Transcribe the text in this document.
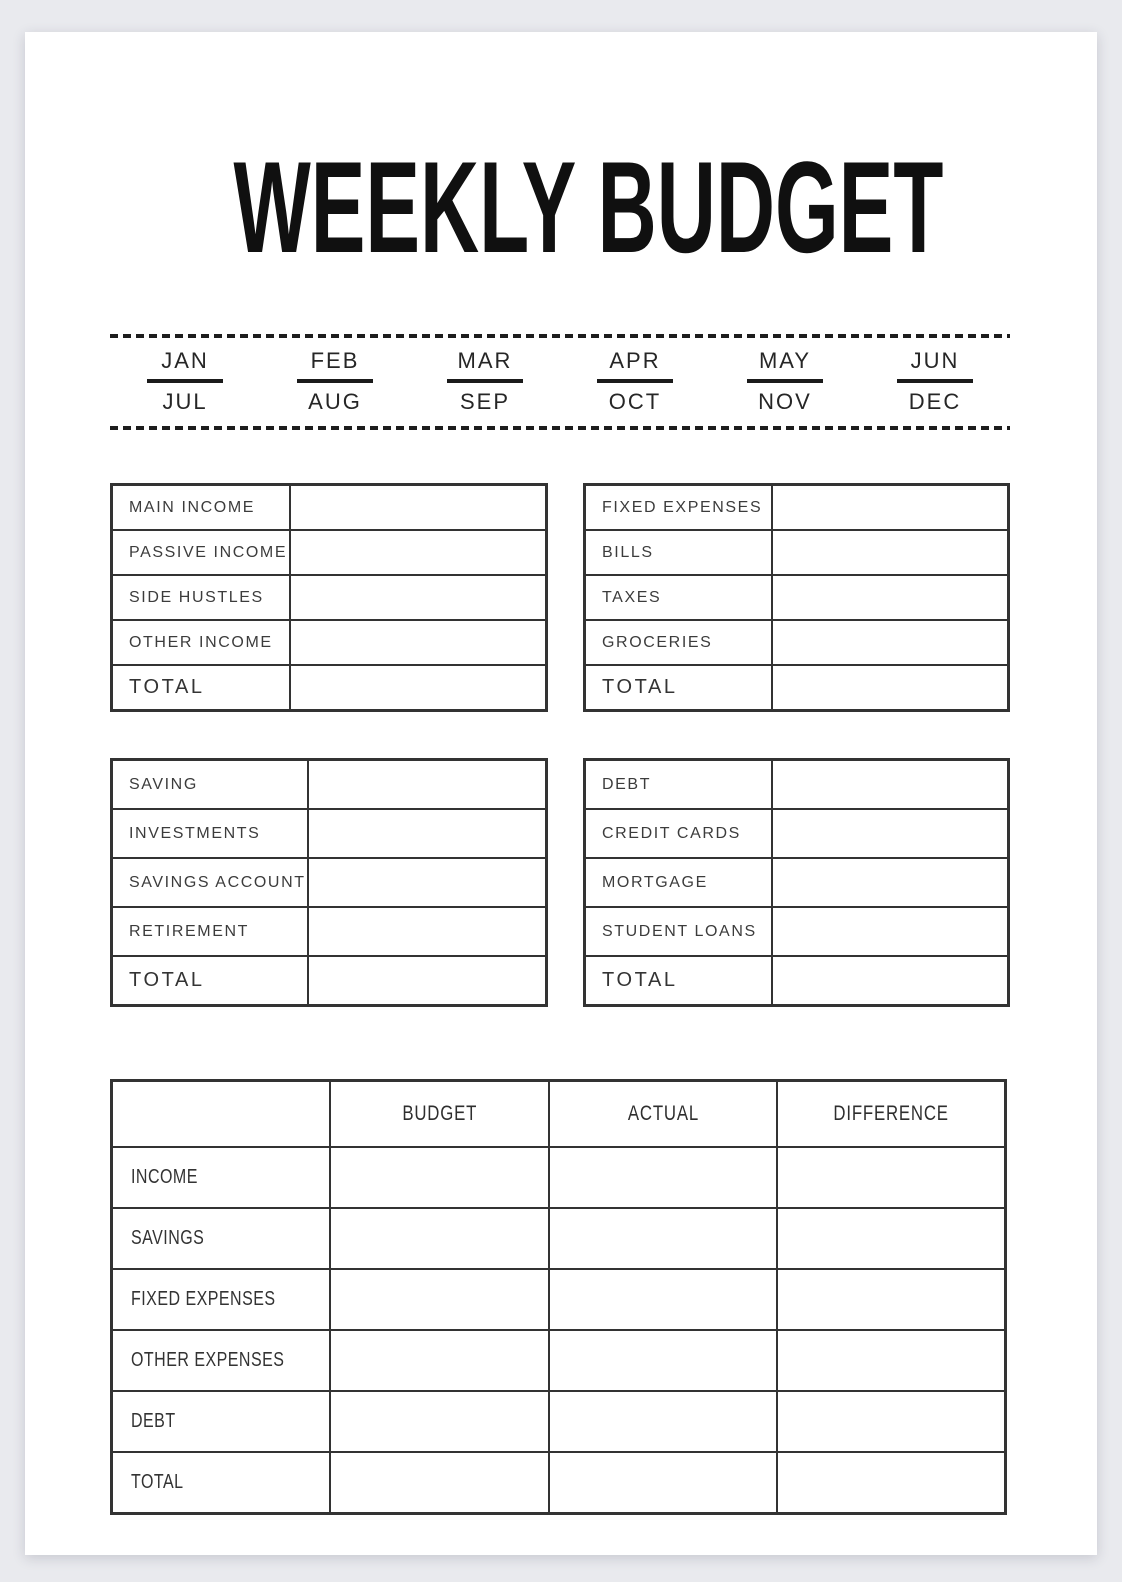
WEEKLY BUDGET
JAN
JUL
FEB
AUG
MAR
SEP
APR
OCT
MAY
NOV
JUN
DEC
MAIN INCOME	
PASSIVE INCOME	
SIDE HUSTLES	
OTHER INCOME	
TOTAL	
FIXED EXPENSES	
BILLS	
TAXES	
GROCERIES	
TOTAL	
SAVING	
INVESTMENTS	
SAVINGS ACCOUNT	
RETIREMENT	
TOTAL	
DEBT	
CREDIT CARDS	
MORTGAGE	
STUDENT LOANS	
TOTAL	
	BUDGET	ACTUAL	DIFFERENCE
INCOME			
SAVINGS			
FIXED EXPENSES			
OTHER EXPENSES			
DEBT			
TOTAL			
